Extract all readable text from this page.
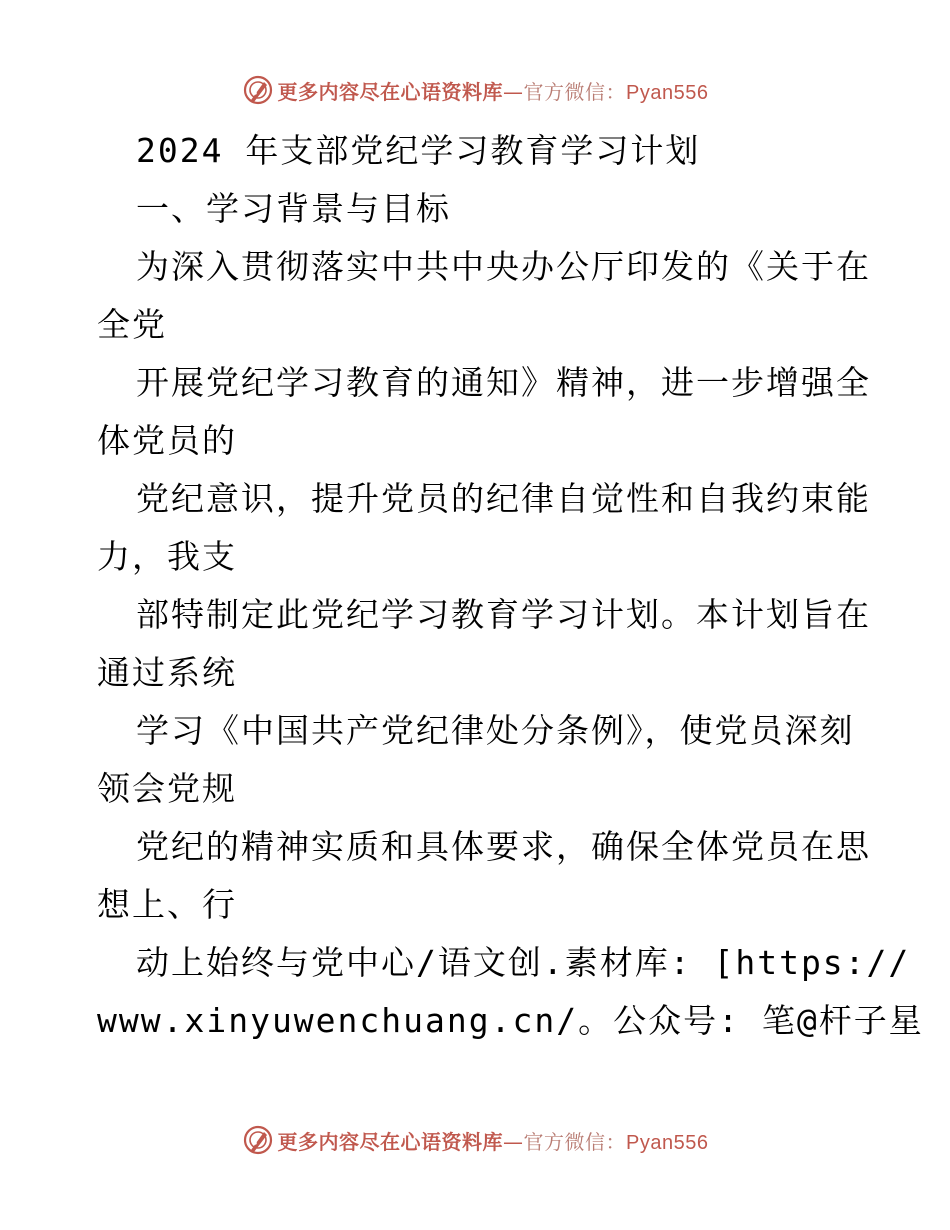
更多内容尽在心语资料库—官方微信：Pyan556
2024 年支部党纪学习教育学习计划
一、学习背景与目标
为深入贯彻落实中共中央办公厅印发的《关于在
全党
开展党纪学习教育的通知》精神，进一步增强全
体党员的
党纪意识，提升党员的纪律自觉性和自我约束能
力，我支
部特制定此党纪学习教育学习计划。本计划旨在
通过系统
学习《中国共产党纪律处分条例》，使党员深刻
领会党规
党纪的精神实质和具体要求，确保全体党员在思
想上、行
动上始终与党中心/语文创.素材库: [https://
www.xinyuwenchuang.cn/。公众号: 笔@杆子星
更多内容尽在心语资料库—官方微信：Pyan556
